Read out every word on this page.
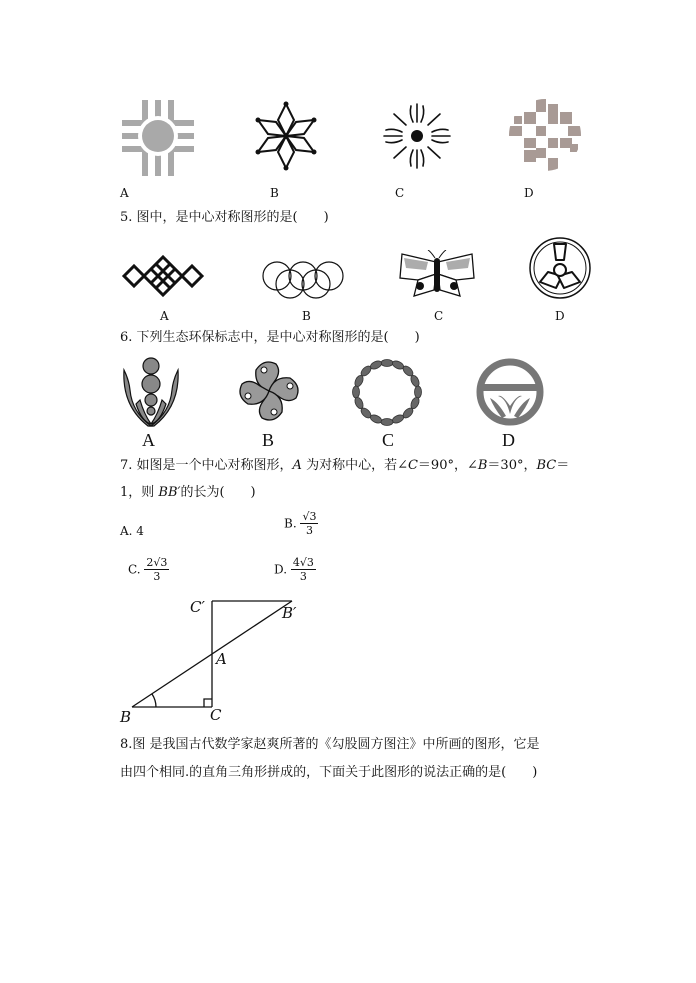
A	B	C	D
5. 图中，是中心对称图形的是(　　)
A	B	C	D
6. 下列生态环保标志中，是中心对称图形的是(　　)
A	B	C	D
7. 如图是一个中心对称图形，A 为对称中心，若∠C＝90°，∠B＝30°，BC＝
1，则 BB′的长为(　　)
A. 4
B. $\frac{√3}{3}$
C. $\frac{2√3}{3}$	D. $\frac{4√3}{3}$
C′	B′
A
B	C
8.图 是我国古代数学家赵爽所著的《勾股圆方图注》中所画的图形，它是
由四个相同.的直角三角形拼成的，下面关于此图形的说法正确的是(　　)
